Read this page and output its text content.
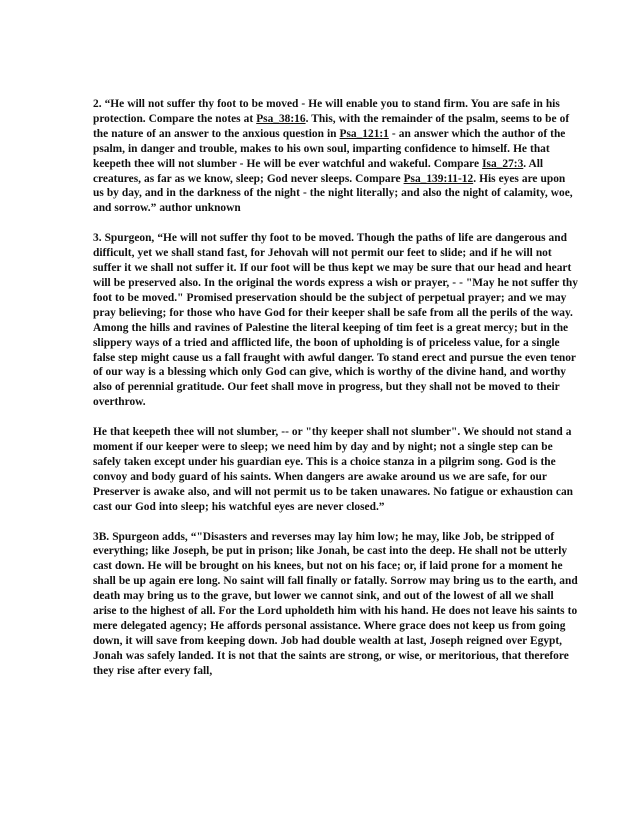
2. “He will not suffer thy foot to be moved - He will enable you to stand firm. You are safe in his protection. Compare the notes at Psa_38:16. This, with the remainder of the psalm, seems to be of the nature of an answer to the anxious question in Psa_121:1 - an answer which the author of the psalm, in danger and trouble, makes to his own soul, imparting confidence to himself. He that keepeth thee will not slumber - He will be ever watchful and wakeful. Compare Isa_27:3. All creatures, as far as we know, sleep; God never sleeps. Compare Psa_139:11-12. His eyes are upon us by day, and in the darkness of the night - the night literally; and also the night of calamity, woe, and sorrow.” author unknown

3. Spurgeon, “He will not suffer thy foot to be moved. Though the paths of life are dangerous and difficult, yet we shall stand fast, for Jehovah will not permit our feet to slide; and if he will not suffer it we shall not suffer it. If our foot will be thus kept we may be sure that our head and heart will be preserved also. In the original the words express a wish or prayer, - - "May he not suffer thy foot to be moved." Promised preservation should be the subject of perpetual prayer; and we may pray believing; for those who have God for their keeper shall be safe from all the perils of the way. Among the hills and ravines of Palestine the literal keeping of tim feet is a great mercy; but in the slippery ways of a tried and afflicted life, the boon of upholding is of priceless value, for a single false step might cause us a fall fraught with awful danger. To stand erect and pursue the even tenor of our way is a blessing which only God can give, which is worthy of the divine hand, and worthy also of perennial gratitude. Our feet shall move in progress, but they shall not be moved to their overthrow.

He that keepeth thee will not slumber, -- or "thy keeper shall not slumber". We should not stand a moment if our keeper were to sleep; we need him by day and by night; not a single step can be safely taken except under his guardian eye. This is a choice stanza in a pilgrim song. God is the convoy and body guard of his saints. When dangers are awake around us we are safe, for our Preserver is awake also, and will not permit us to be taken unawares. No fatigue or exhaustion can cast our God into sleep; his watchful eyes are never closed.”

3B. Spurgeon adds, “"Disasters and reverses may lay him low; he may, like Job, be stripped of everything; like Joseph, be put in prison; like Jonah, be cast into the deep. He shall not be utterly cast down. He will be brought on his knees, but not on his face; or, if laid prone for a moment he shall be up again ere long. No saint will fall finally or fatally. Sorrow may bring us to the earth, and death may bring us to the grave, but lower we cannot sink, and out of the lowest of all we shall arise to the highest of all. For the Lord upholdeth him with his hand. He does not leave his saints to mere delegated agency; He affords personal assistance. Where grace does not keep us from going down, it will save from keeping down. Job had double wealth at last, Joseph reigned over Egypt, Jonah was safely landed. It is not that the saints are strong, or wise, or meritorious, that therefore they rise after every fall,
